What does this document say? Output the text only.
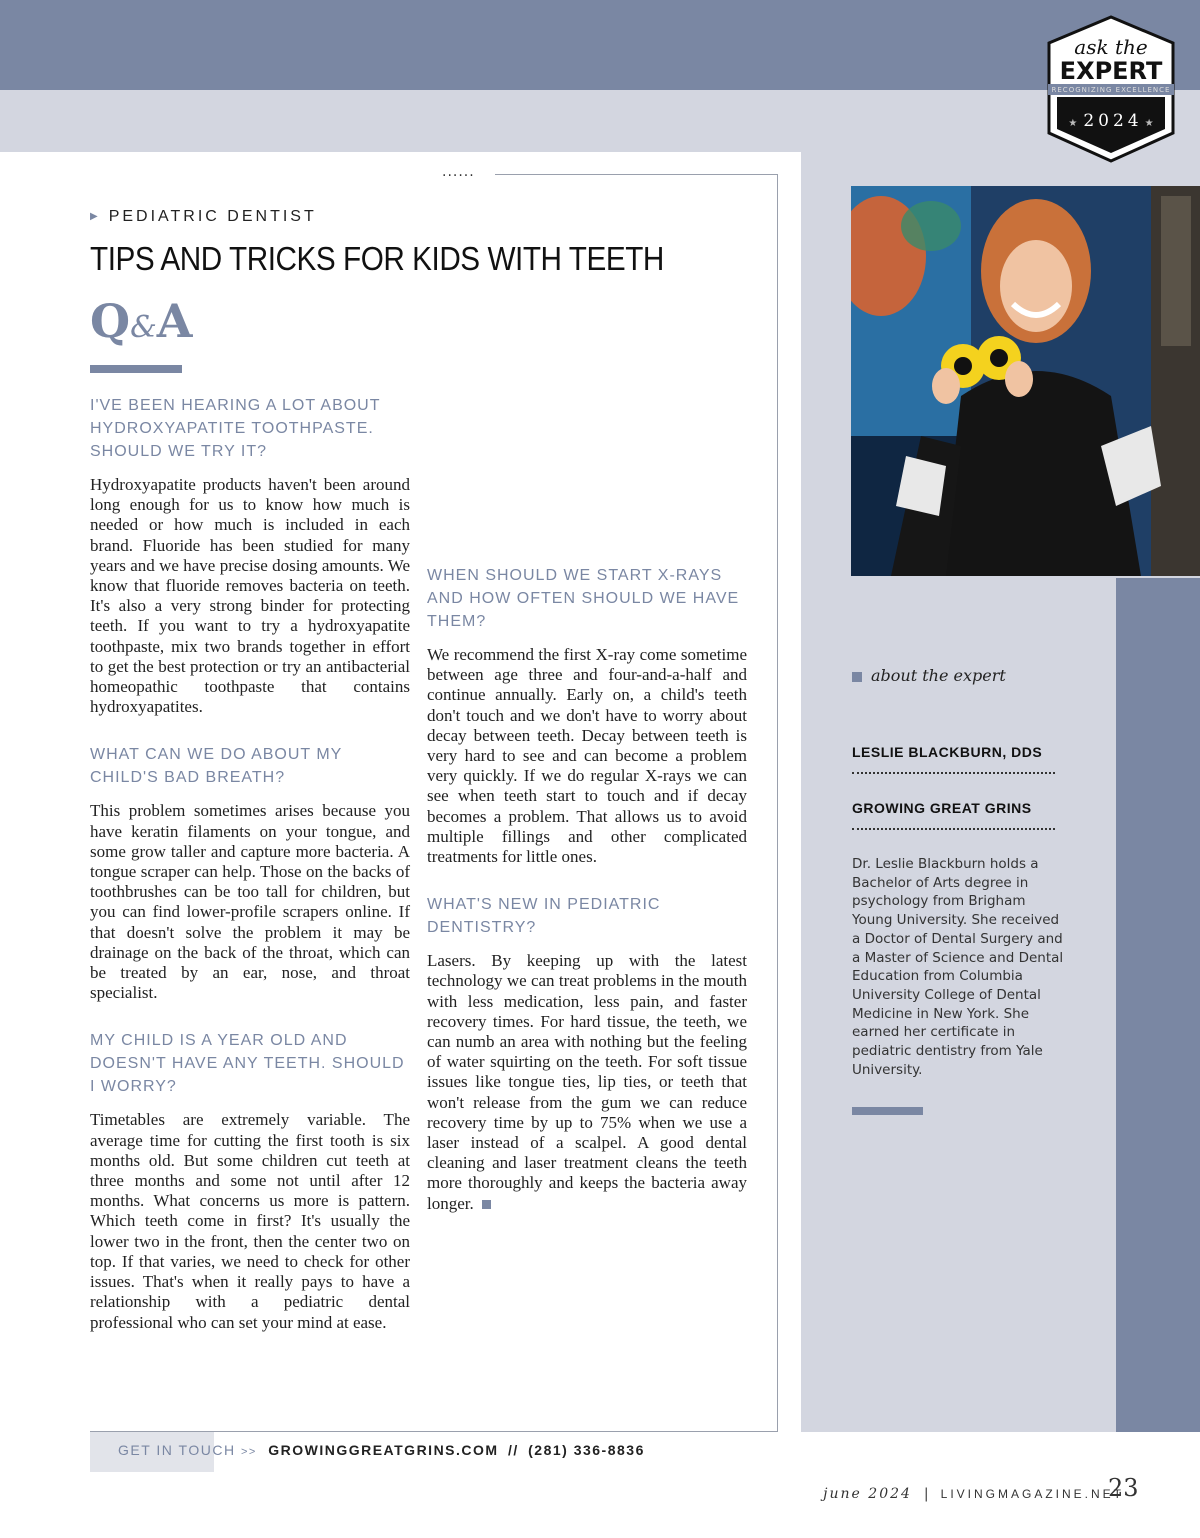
......
ask the
EXPERT
RECOGNIZING EXCELLENCE
★ 2024 ★
▶ PEDIATRIC DENTIST
TIPS AND TRICKS FOR KIDS WITH TEETH
Q&A

I'VE BEEN HEARING A LOT ABOUT HYDROXYAPATITE TOOTHPASTE. SHOULD WE TRY IT?

Hydroxyapatite products haven't been around long enough for us to know how much is needed or how much is included in each brand. Fluoride has been studied for many years and we have precise dosing amounts. We know that fluoride removes bacteria on teeth. It's also a very strong binder for protecting teeth. If you want to try a hydroxyapatite toothpaste, mix two brands together in effort to get the best protection or try an antibacterial homeopathic toothpaste that contains hydroxyapatites.

WHAT CAN WE DO ABOUT MY CHILD'S BAD BREATH?

This problem sometimes arises because you have keratin filaments on your tongue, and some grow taller and capture more bacteria. A tongue scraper can help. Those on the backs of toothbrushes can be too tall for children, but you can find lower-profile scrapers online. If that doesn't solve the problem it may be drainage on the back of the throat, which can be treated by an ear, nose, and throat specialist.

MY CHILD IS A YEAR OLD AND DOESN'T HAVE ANY TEETH. SHOULD I WORRY?

Timetables are extremely variable. The average time for cutting the first tooth is six months old. But some children cut teeth at three months and some not until after 12 months. What concerns us more is pattern. Which teeth come in first? It's usually the lower two in the front, then the center two on top. If that varies, we need to check for other issues. That's when it really pays to have a relationship with a pediatric dental professional who can set your mind at ease.

WHEN SHOULD WE START X-RAYS AND HOW OFTEN SHOULD WE HAVE THEM?

We recommend the first X-ray come sometime between age three and four-and-a-half and continue annually. Early on, a child's teeth don't touch and we don't have to worry about decay between teeth. Decay between teeth is very hard to see and can become a problem very quickly. If we do regular X-rays we can see when teeth start to touch and if decay becomes a problem. That allows us to avoid multiple fillings and other complicated treatments for little ones.

WHAT'S NEW IN PEDIATRIC DENTISTRY?

Lasers. By keeping up with the latest technology we can treat problems in the mouth with less medication, less pain, and faster recovery times. For hard tissue, the teeth, we can numb an area with nothing but the feeling of water squirting on the teeth. For soft tissue issues like tongue ties, lip ties, or teeth that won't release from the gum we can reduce recovery time by up to 75% when we use a laser instead of a scalpel. A good dental cleaning and laser treatment cleans the teeth more thoroughly and keeps the bacteria away longer.

about the expert
LESLIE BLACKBURN, DDS
GROWING GREAT GRINS
Dr. Leslie Blackburn holds a Bachelor of Arts degree in psychology from Brigham Young University. She received a Doctor of Dental Surgery and a Master of Science and Dental Education from Columbia University College of Dental Medicine in New York. She earned her certificate in pediatric dentistry from Yale University.
GET IN TOUCH >> GROWINGGREATGRINS.COM // (281) 336-8836
june 2024 | LIVINGMAGAZINE.NET
23
